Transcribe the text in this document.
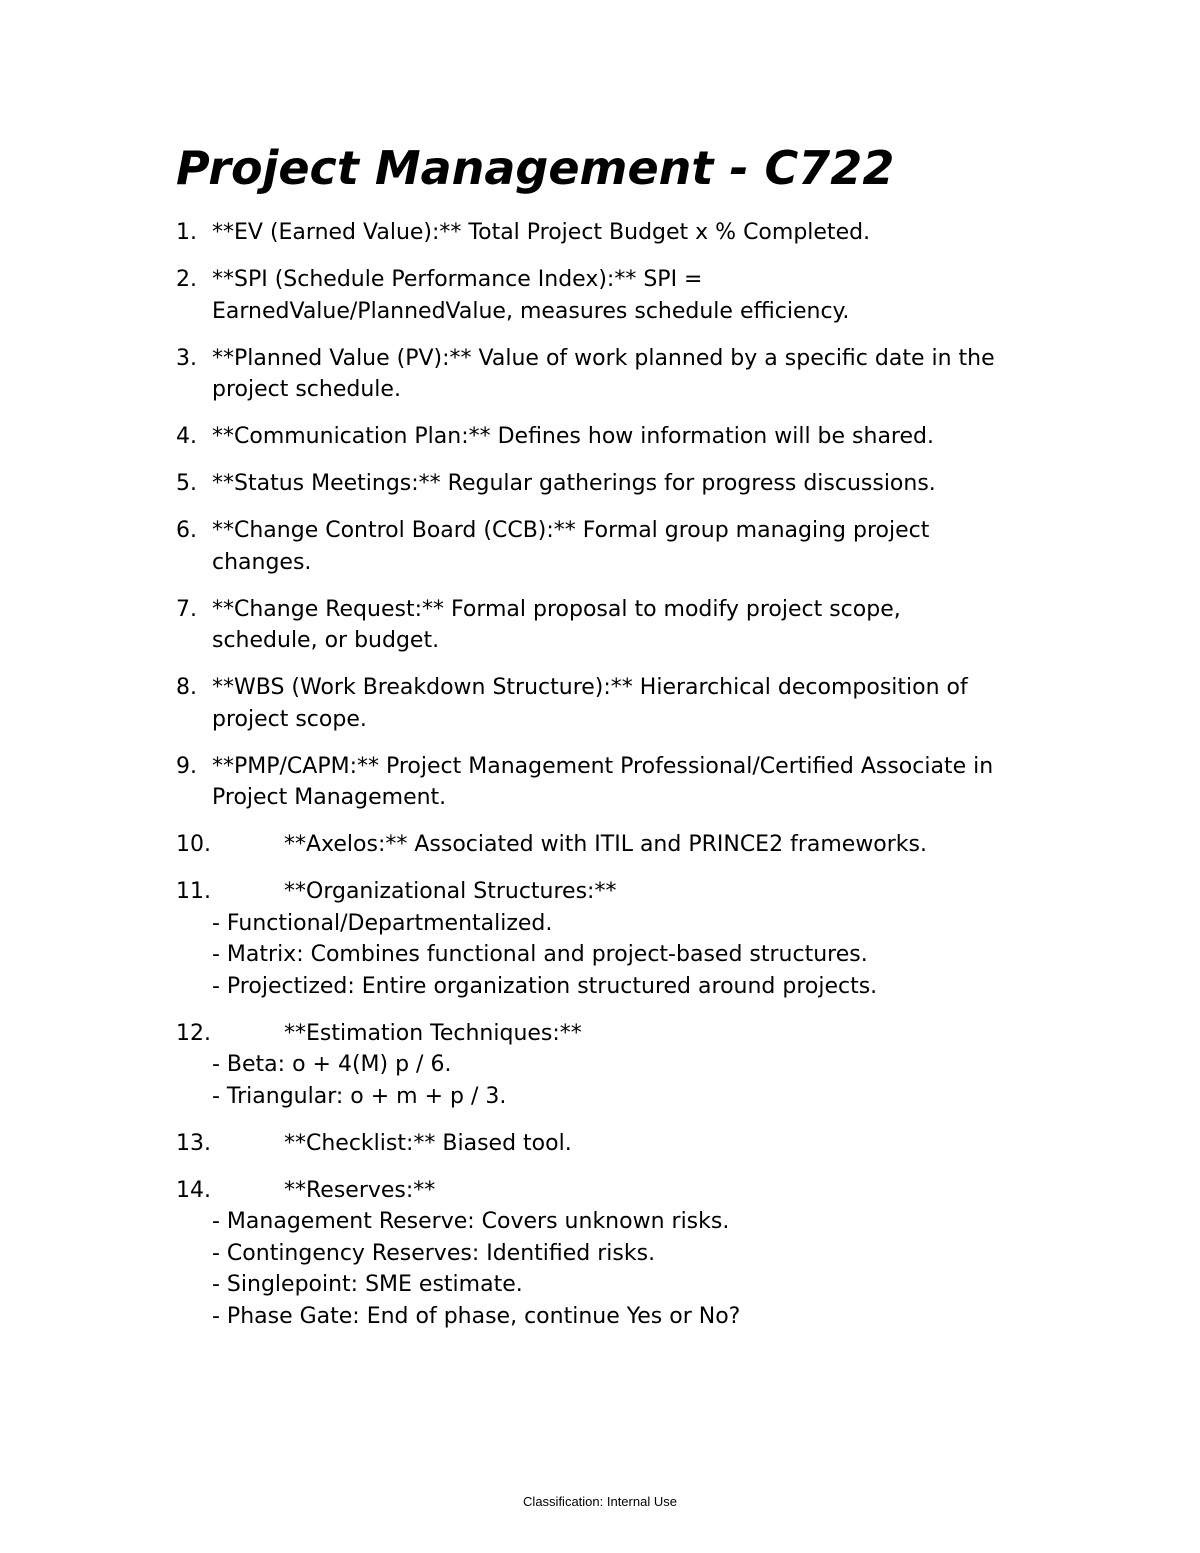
Project Management - C722
1. **EV (Earned Value):** Total Project Budget x % Completed.
2. **SPI (Schedule Performance Index):** SPI =
EarnedValue/PlannedValue, measures schedule efficiency.
3. **Planned Value (PV):** Value of work planned by a specific date in the
project schedule.
4. **Communication Plan:** Defines how information will be shared.
5. **Status Meetings:** Regular gatherings for progress discussions.
6. **Change Control Board (CCB):** Formal group managing project
changes.
7. **Change Request:** Formal proposal to modify project scope,
schedule, or budget.
8. **WBS (Work Breakdown Structure):** Hierarchical decomposition of
project scope.
9. **PMP/CAPM:** Project Management Professional/Certified Associate in
Project Management.
10.	**Axelos:** Associated with ITIL and PRINCE2 frameworks.
11.	**Organizational Structures:**
- Functional/Departmentalized.
- Matrix: Combines functional and project-based structures.
- Projectized: Entire organization structured around projects.
12.	**Estimation Techniques:**
- Beta: o + 4(M) p / 6.
- Triangular: o + m + p / 3.
13.	**Checklist:** Biased tool.
14.	**Reserves:**
- Management Reserve: Covers unknown risks.
- Contingency Reserves: Identified risks.
- Singlepoint: SME estimate.
- Phase Gate: End of phase, continue Yes or No?
Classification: Internal Use
